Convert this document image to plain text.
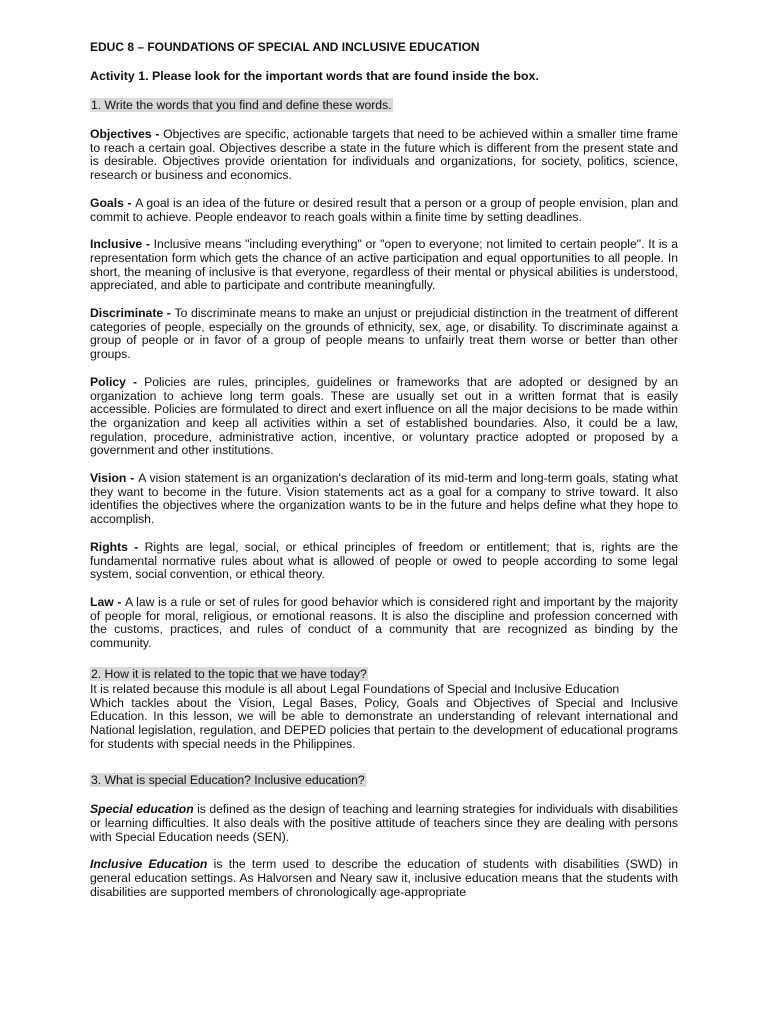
EDUC 8 – FOUNDATIONS OF SPECIAL AND INCLUSIVE EDUCATION
Activity 1. Please look for the important words that are found inside the box.
1. Write the words that you find and define these words.

Objectives - Objectives are specific, actionable targets that need to be achieved within a smaller time frame to reach a certain goal. Objectives describe a state in the future which is different from the present state and is desirable. Objectives provide orientation for individuals and organizations, for society, politics, science, research or business and economics.

Goals - A goal is an idea of the future or desired result that a person or a group of people envision, plan and commit to achieve. People endeavor to reach goals within a finite time by setting deadlines.

Inclusive - Inclusive means "including everything" or "open to everyone; not limited to certain people". It is a representation form which gets the chance of an active participation and equal opportunities to all people. In short, the meaning of inclusive is that everyone, regardless of their mental or physical abilities is understood, appreciated, and able to participate and contribute meaningfully.

Discriminate - To discriminate means to make an unjust or prejudicial distinction in the treatment of different categories of people, especially on the grounds of ethnicity, sex, age, or disability. To discriminate against a group of people or in favor of a group of people means to unfairly treat them worse or better than other groups.

Policy - Policies are rules, principles, guidelines or frameworks that are adopted or designed by an organization to achieve long term goals. These are usually set out in a written format that is easily accessible. Policies are formulated to direct and exert influence on all the major decisions to be made within the organization and keep all activities within a set of established boundaries. Also, it could be a law, regulation, procedure, administrative action, incentive, or voluntary practice adopted or proposed by a government and other institutions.

Vision - A vision statement is an organization's declaration of its mid-term and long-term goals, stating what they want to become in the future. Vision statements act as a goal for a company to strive toward. It also identifies the objectives where the organization wants to be in the future and helps define what they hope to accomplish.

Rights - Rights are legal, social, or ethical principles of freedom or entitlement; that is, rights are the fundamental normative rules about what is allowed of people or owed to people according to some legal system, social convention, or ethical theory.

Law - A law is a rule or set of rules for good behavior which is considered right and important by the majority of people for moral, religious, or emotional reasons. It is also the discipline and profession concerned with the customs, practices, and rules of conduct of a community that are recognized as binding by the community.

2. How it is related to the topic that we have today?

It is related because this module is all about Legal Foundations of Special and Inclusive Education

Which tackles about the Vision, Legal Bases, Policy, Goals and Objectives of Special and Inclusive Education. In this lesson, we will be able to demonstrate an understanding of relevant international and National legislation, regulation, and DEPED policies that pertain to the development of educational programs for students with special needs in the Philippines.

3. What is special Education? Inclusive education?

Special education is defined as the design of teaching and learning strategies for individuals with disabilities or learning difficulties. It also deals with the positive attitude of teachers since they are dealing with persons with Special Education needs (SEN).

Inclusive Education is the term used to describe the education of students with disabilities (SWD) in general education settings. As Halvorsen and Neary saw it, inclusive education means that the students with disabilities are supported members of chronologically age-appropriate
